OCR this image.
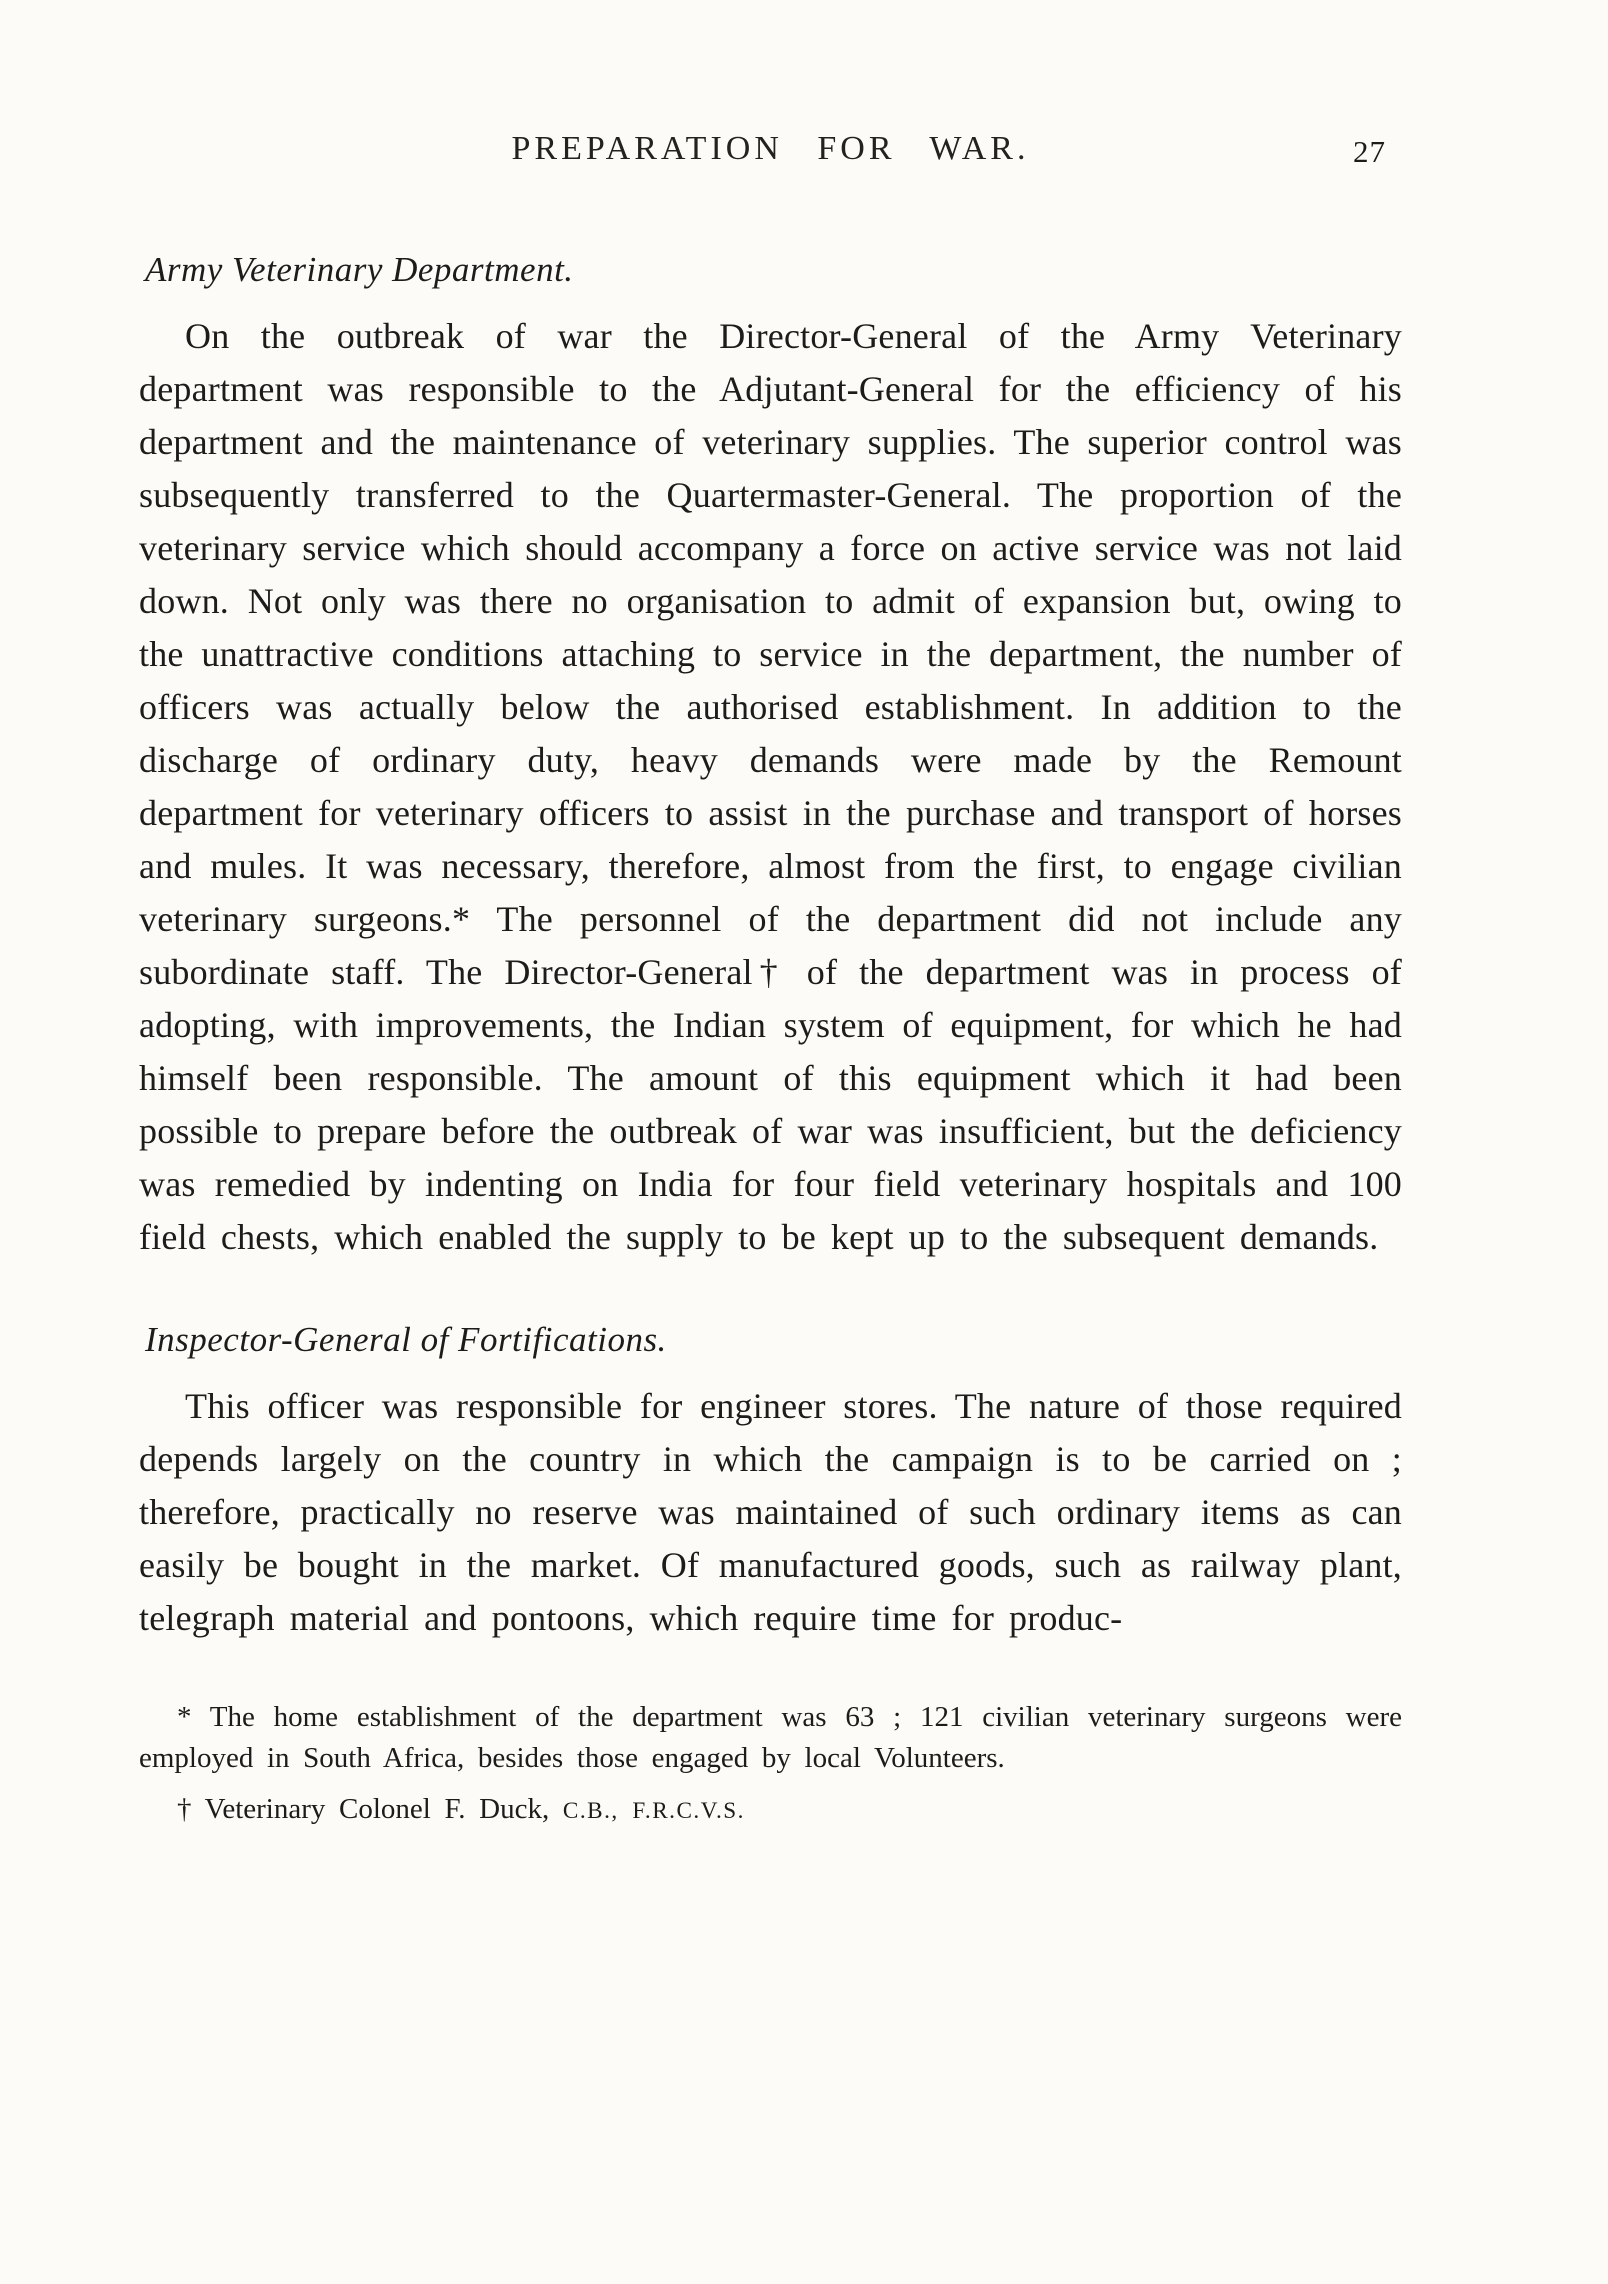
PREPARATION FOR WAR.	27
Army Veterinary Department.

On the outbreak of war the Director-General of the Army Veterinary department was responsible to the Adjutant-General for the efficiency of his department and the maintenance of veterinary supplies. The superior control was subsequently transferred to the Quartermaster-General. The proportion of the veterinary service which should accompany a force on active service was not laid down. Not only was there no organisation to admit of expansion but, owing to the unattractive conditions attaching to service in the department, the number of officers was actually below the authorised establishment. In addition to the discharge of ordinary duty, heavy demands were made by the Remount department for veterinary officers to assist in the purchase and transport of horses and mules. It was necessary, therefore, almost from the first, to engage civilian veterinary surgeons.* The personnel of the department did not include any subordinate staff. The Director-General† of the department was in process of adopting, with improvements, the Indian system of equipment, for which he had himself been responsible. The amount of this equipment which it had been possible to prepare before the outbreak of war was insufficient, but the deficiency was remedied by indenting on India for four field veterinary hospitals and 100 field chests, which enabled the supply to be kept up to the subsequent demands.

Inspector-General of Fortifications.

This officer was responsible for engineer stores. The nature of those required depends largely on the country in which the campaign is to be carried on ; therefore, practically no reserve was maintained of such ordinary items as can easily be bought in the market. Of manufactured goods, such as railway plant, telegraph material and pontoons, which require time for produc-

* The home establishment of the department was 63 ; 121 civilian veterinary surgeons were employed in South Africa, besides those engaged by local Volunteers.

† Veterinary Colonel F. Duck, C.B., F.R.C.V.S.
